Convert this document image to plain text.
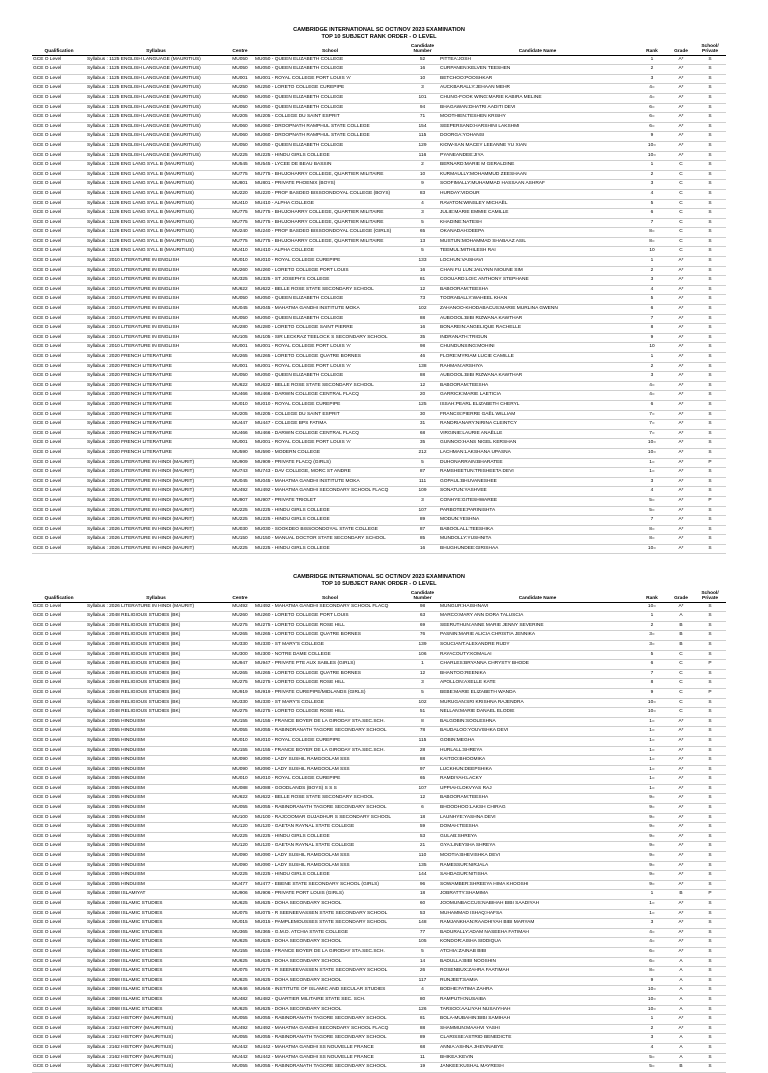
CAMBRIDGE INTERNATIONAL SC OCT/NOV 2023 EXAMINATION
TOP 10 SUBJECT RANK ORDER - O LEVEL
Qualification	Syllabus	Centre	School	Candidate Number	Candidate Name	Rank	Grade	School/ Private
GCE O Level	Syllabus : 1125 ENGLISH LANGUAGE (MAURITIUS)	MU050	MU050 - QUEEN ELIZABETH COLLEGE	52	PITTEA:JOSH	1	A*	S
GCE O Level	Syllabus : 1125 ENGLISH LANGUAGE (MAURITIUS)	MU050	MU050 - QUEEN ELIZABETH COLLEGE	16	CURPANEN:KELVEN TEESHEN	2	A*	S
GCE O Level	Syllabus : 1125 ENGLISH LANGUAGE (MAURITIUS)	MU001	MU001 - ROYAL COLLEGE PORT LOUIS 'A'	10	BETCHOO:POOSHKAR	3	A*	S
GCE O Level	Syllabus : 1125 ENGLISH LANGUAGE (MAURITIUS)	MU250	MU250 - LORETO COLLEGE CUREPIPE	3	AUCKBARALLY:JEHAAN MEHR	4=	A*	S
GCE O Level	Syllabus : 1125 ENGLISH LANGUAGE (MAURITIUS)	MU050	MU050 - QUEEN ELIZABETH COLLEGE	101	CHUNG-FOOK WING:MARIE KABIRA MELINE	4=	A*	S
GCE O Level	Syllabus : 1125 ENGLISH LANGUAGE (MAURITIUS)	MU050	MU050 - QUEEN ELIZABETH COLLEGE	94	BHAGAWAN:DHATRI AADITI DEVI	6=	A*	S
GCE O Level	Syllabus : 1125 ENGLISH LANGUAGE (MAURITIUS)	MU205	MU205 - COLLEGE DU SAINT ESPRIT	71	MOOTHIEN:TESHEN KRISHY	6=	A*	S
GCE O Level	Syllabus : 1125 ENGLISH LANGUAGE (MAURITIUS)	MU060	MU060 - DROOPNATH RAMPHUL STATE COLLEGE	154	SEEPERSAND:HARSHINI LAKSHMI	6=	A*	S
GCE O Level	Syllabus : 1125 ENGLISH LANGUAGE (MAURITIUS)	MU060	MU060 - DROOPNATH RAMPHUL STATE COLLEGE	115	DOORGA:YOHANSI	9	A*	S
GCE O Level	Syllabus : 1125 ENGLISH LANGUAGE (MAURITIUS)	MU050	MU050 - QUEEN ELIZABETH COLLEGE	129	KIOW-SAN MACEY LEEANNE YU XIAN	10=	A*	S
GCE O Level	Syllabus : 1125 ENGLISH LANGUAGE (MAURITIUS)	MU225	MU225 - HINDU GIRLS COLLEGE	116	PYANEANDEE:JIYA	10=	A*	S
GCE O Level	Syllabus : 1126 ENG LANG SYLL B (MAURITIUS)	MU545	MU545 - LYCEE DE BEAU BASSIN	2	BERNARD:MARIE M GERALDINE	1	C	S
GCE O Level	Syllabus : 1126 ENG LANG SYLL B (MAURITIUS)	MU775	MU775 - BHUJOHARRY COLLEGE, QUARTIER MILITAIRE	10	KURMAULLY:MOHAMMUD ZEESHAAN	2	C	S
GCE O Level	Syllabus : 1126 ENG LANG SYLL B (MAURITIUS)	MU801	MU801 - PRIVATE PHOENIX (BOYS)	9	SOOFIMALLY:MUHAMMAD HASSAAN ASHRAF	3	C	S
GCE O Level	Syllabus : 1126 ENG LANG SYLL B (MAURITIUS)	MU220	MU220 - PROF BASDEO BISSOONDOYAL COLLEGE (BOYS)	83	HURDAY:VIDOUR	4	C	S
GCE O Level	Syllabus : 1126 ENG LANG SYLL B (MAURITIUS)	MU410	MU410 - ALPHA COLLEGE	4	RAVATON:WINSLEY MICHAËL	5	C	S
GCE O Level	Syllabus : 1126 ENG LANG SYLL B (MAURITIUS)	MU775	MU775 - BHUJOHARRY COLLEGE, QUARTIER MILITAIRE	3	JULIE:MARIE EMMIE CAMILLE	6	C	S
GCE O Level	Syllabus : 1126 ENG LANG SYLL B (MAURITIUS)	MU775	MU775 - BHUJOHARRY COLLEGE, QUARTIER MILITAIRE	5	KHADINE:NATESH	7	C	S
GCE O Level	Syllabus : 1126 ENG LANG SYLL B (MAURITIUS)	MU240	MU240 - PROF BASDEO BISSOONDOYAL COLLEGE (GIRLS)	65	OKANADAH:DEEPA	8=	C	S
GCE O Level	Syllabus : 1126 ENG LANG SYLL B (MAURITIUS)	MU775	MU775 - BHUJOHARRY COLLEGE, QUARTIER MILITAIRE	13	MUSTUN:MOHAMMAD SHABAAZ ASIL	8=	C	S
GCE O Level	Syllabus : 1126 ENG LANG SYLL B (MAURITIUS)	MU410	MU410 - ALPHA COLLEGE	5	TEEMUL:MITHILESH RAI	10	C	S
GCE O Level	Syllabus : 2010 LITERATURE IN ENGLISH	MU010	MU010 - ROYAL COLLEGE CUREPIPE	133	LOCHUN:VAISHAVI	1	A*	S
GCE O Level	Syllabus : 2010 LITERATURE IN ENGLISH	MU260	MU260 - LORETO COLLEGE PORT LOUIS	16	CHAN FU LUN:JAILYNN NIOUNE SIM	2	A*	S
GCE O Level	Syllabus : 2010 LITERATURE IN ENGLISH	MU325	MU325 - ST JOSEPH'S COLLEGE	81	COOUARD:LOIC ANTHONY STEPHANE	3	A*	S
GCE O Level	Syllabus : 2010 LITERATURE IN ENGLISH	MU622	MU622 - BELLE ROSE STATE SECONDARY SCHOOL	12	BABOORAM:TEESHA	4	A*	S
GCE O Level	Syllabus : 2010 LITERATURE IN ENGLISH	MU050	MU050 - QUEEN ELIZABETH COLLEGE	73	TOORABALLY:WAHEEL KHAN	5	A*	S
GCE O Level	Syllabus : 2010 LITERATURE IN ENGLISH	MU045	MU045 - MAHATMA GANDHI INSTITUTE MOKA	102	ZAHANOO-KHODABACUS:MARIE MURLINA GWENN	6	A*	S
GCE O Level	Syllabus : 2010 LITERATURE IN ENGLISH	MU050	MU050 - QUEEN ELIZABETH COLLEGE	88	AUBOOOL:BIBI RIZWANA KAWTHAR	7	A*	S
GCE O Level	Syllabus : 2010 LITERATURE IN ENGLISH	MU280	MU280 - LORETO COLLEGE SAINT PIERRE	16	BONAREIN:ANGELIQUE RACHELLE	8	A*	S
GCE O Level	Syllabus : 2010 LITERATURE IN ENGLISH	MU105	MU105 - SIR LECKRAZ TEELOCK S SECONDARY SCHOOL	35	INDRANATH:TRIGUN	9	A*	S
GCE O Level	Syllabus : 2010 LITERATURE IN ENGLISH	MU001	MU001 - ROYAL COLLEGE PORT LOUIS 'A'	98	CHUNDUNSING:MOHINI	10	A*	S
GCE O Level	Syllabus : 2020 FRENCH LITERATURE	MU265	MU265 - LORETO COLLEGE QUATRE BORNES	46	FLORE:MYRIAM LUCIE CAMILLE	1	A*	S
GCE O Level	Syllabus : 2020 FRENCH LITERATURE	MU001	MU001 - ROYAL COLLEGE PORT LOUIS 'A'	138	RAHMAN:ARSHIYA	2	A*	S
GCE O Level	Syllabus : 2020 FRENCH LITERATURE	MU050	MU050 - QUEEN ELIZABETH COLLEGE	88	AUBOOOL:BIBI RIZWANA KAWTHAR	3	A*	S
GCE O Level	Syllabus : 2020 FRENCH LITERATURE	MU622	MU622 - BELLE ROSE STATE SECONDARY SCHOOL	12	BABOORAM:TEESHA	4=	A*	S
GCE O Level	Syllabus : 2020 FRENCH LITERATURE	MU466	MU466 - DARWIN COLLEGE CENTRAL FLACQ	20	GARRICK:MARIE LAETICIA	4=	A*	S
GCE O Level	Syllabus : 2020 FRENCH LITERATURE	MU010	MU010 - ROYAL COLLEGE CUREPIPE	125	ISSAH:PEARL ELIZABETH CHERYL	6	A*	S
GCE O Level	Syllabus : 2020 FRENCH LITERATURE	MU205	MU205 - COLLEGE DU SAINT ESPRIT	30	FRANCIS:PIERRE GAËL WILLIAM	7=	A*	S
GCE O Level	Syllabus : 2020 FRENCH LITERATURE	MU447	MU447 - COLLEGE BPS FATIMA	31	RANDRIANARY:NIRINA CLEINTCY	7=	A*	S
GCE O Level	Syllabus : 2020 FRENCH LITERATURE	MU466	MU466 - DARWIN COLLEGE CENTRAL FLACQ	68	VIRGINIE:LAURIE ANAËLLE	7=	A*	S
GCE O Level	Syllabus : 2020 FRENCH LITERATURE	MU001	MU001 - ROYAL COLLEGE PORT LOUIS 'A'	35	GUNNOO:HANS NIGEL KERSHAN	10=	A*	S
GCE O Level	Syllabus : 2020 FRENCH LITERATURE	MU590	MU590 - MODERN COLLEGE	212	LACHMAN:LAKSHANA UPASNA	10=	A*	S
GCE O Level	Syllabus : 2026 LITERATURE IN HINDI (MAURIT)	MU909	MU909 - PRIVATE FLACQ (GIRLS)	5	DUHONARRAIN:BHARATEE	1=	A*	P
GCE O Level	Syllabus : 2026 LITERATURE IN HINDI (MAURIT)	MU743	MU743 - DAV COLLEGE, MORC ST ANDRE	87	RAMSHEETUN:TRISHEETA DEVI	1=	A*	S
GCE O Level	Syllabus : 2026 LITERATURE IN HINDI (MAURIT)	MU045	MU045 - MAHATMA GANDHI INSTITUTE MOKA	111	GOPAUL:BHUVANESHEE	3	A*	S
GCE O Level	Syllabus : 2026 LITERATURE IN HINDI (MAURIT)	MU492	MU492 - MAHATMA GANDHI SECONDARY SCHOOL FLACQ	109	SONATUN:YASHVEE	4	A*	S
GCE O Level	Syllabus : 2026 LITERATURE IN HINDI (MAURIT)	MU907	MU907 - PRIVATE TRIOLET	3	CONHYE:GITESHWAREE	5=	A*	P
GCE O Level	Syllabus : 2026 LITERATURE IN HINDI (MAURIT)	MU225	MU225 - HINDU GIRLS COLLEGE	107	PARBOTEE:PARINISHTA	5=	A*	S
GCE O Level	Syllabus : 2026 LITERATURE IN HINDI (MAURIT)	MU225	MU225 - HINDU GIRLS COLLEGE	89	MODUN:YESHNA	7	A*	S
GCE O Level	Syllabus : 2026 LITERATURE IN HINDI (MAURIT)	MU030	MU030 - SOOKDEO BISSOONDOYAL STATE COLLEGE	87	BABOOLALL:TEESHIKA	8=	A*	S
GCE O Level	Syllabus : 2026 LITERATURE IN HINDI (MAURIT)	MU150	MU150 - MANUAL DOCTOR STATE SECONDARY SCHOOL	85	MUNDOLLY:YUSHNITA	8=	A*	S
GCE O Level	Syllabus : 2026 LITERATURE IN HINDI (MAURIT)	MU225	MU225 - HINDU GIRLS COLLEGE	16	BHUGHUNDEE:GIRISHAA	10=	A*	S
CAMBRIDGE INTERNATIONAL SC OCT/NOV 2023 EXAMINATION
TOP 10 SUBJECT RANK ORDER - O LEVEL
Qualification	Syllabus	Centre	School	Candidate Number	Candidate Name	Rank	Grade	School/ Private
GCE O Level	Syllabus : 2026 LITERATURE IN HINDI (MAURIT)	MU492	MU492 - MAHATMA GANDHI SECONDARY SCHOOL FLACQ	98	MUNGUR:HAISHNAVI	10=	A*	S
GCE O Level	Syllabus : 2048 RELIGIOUS STUDIES (BK)	MU260	MU260 - LORETO COLLEGE PORT LOUIS	63	MARCO:MARY ANN DORA TALUSCIA	1	A	S
GCE O Level	Syllabus : 2048 RELIGIOUS STUDIES (BK)	MU275	MU275 - LORETO COLLEGE ROSE HILL	69	SEERUTHUN:ANNE MARIE JENNY SEVERINE	2	B	S
GCE O Level	Syllabus : 2048 RELIGIOUS STUDIES (BK)	MU265	MU265 - LORETO COLLEGE QUATRE BORNES	76	PASNIN:MARIE ALICIA CHRISTIA JENNIKA	3=	B	S
GCE O Level	Syllabus : 2048 RELIGIOUS STUDIES (BK)	MU330	MU330 - ST MARY'S COLLEGE	139	SOUCIANT:ALEXANDRE RUDY	3=	B	S
GCE O Level	Syllabus : 2048 RELIGIOUS STUDIES (BK)	MU300	MU300 - NOTRE DAME COLLEGE	106	RAYACOUTY:KOMALAI	5	C	S
GCE O Level	Syllabus : 2048 RELIGIOUS STUDIES (BK)	MU947	MU947 - PRIVATE PTE AUX SABLES (GIRLS)	1	CHARLES:BRYANNA CHRYSTY BHODE	6	C	P
GCE O Level	Syllabus : 2048 RELIGIOUS STUDIES (BK)	MU265	MU265 - LORETO COLLEGE QUATRE BORNES	12	BHANTOO:REENIKA	7	C	S
GCE O Level	Syllabus : 2048 RELIGIOUS STUDIES (BK)	MU275	MU275 - LORETO COLLEGE ROSE HILL	3	APOLLON:AXELLE KATE	8	C	S
GCE O Level	Syllabus : 2048 RELIGIOUS STUDIES (BK)	MU919	MU919 - PRIVATE CUREPIPE/MIDLANDS (GIRLS)	5	BEBE:MARIE ELIZABETH WANDA	9	C	P
GCE O Level	Syllabus : 2048 RELIGIOUS STUDIES (BK)	MU330	MU330 - ST MARY'S COLLEGE	102	MURUGAN:SRI KRISHNA RAJENDRA	10=	C	S
GCE O Level	Syllabus : 2048 RELIGIOUS STUDIES (BK)	MU275	MU275 - LORETO COLLEGE ROSE HILL	51	NELLAN:MARIE DANAEL ELODIE	10=	C	S
GCE O Level	Syllabus : 2055 HINDUISM	MU155	MU155 - FRANCE BOYER DE LA GIRODAY STA.SEC.SCH.	8	BALGOBIN:SOOLESHNA	1=	A*	S
GCE O Level	Syllabus : 2055 HINDUISM	MU055	MU055 - RABINDRANATH TAGORE SECONDARY SCHOOL	78	BAUDALOO:YOUVISHKA DEVI	1=	A*	S
GCE O Level	Syllabus : 2055 HINDUISM	MU010	MU010 - ROYAL COLLEGE CUREPIPE	115	GOBIN:MEGHA	1=	A*	S
GCE O Level	Syllabus : 2055 HINDUISM	MU155	MU155 - FRANCE BOYER DE LA GIRODAY STA.SEC.SCH.	28	HURLALL:SHREYA	1=	A*	S
GCE O Level	Syllabus : 2055 HINDUISM	MU090	MU090 - LADY SUSHIL RAMGOOLAM SSS	88	KAITOO:BHOOMIKA	1=	A*	S
GCE O Level	Syllabus : 2055 HINDUISM	MU090	MU090 - LADY SUSHIL RAMGOOLAM SSS	97	LUCKHUN:DEEPSHIKA	1=	A*	S
GCE O Level	Syllabus : 2055 HINDUISM	MU010	MU010 - ROYAL COLLEGE CUREPIPE	65	RAMDIYAH:LACKY	1=	A*	S
GCE O Level	Syllabus : 2055 HINDUISM	MU088	MU088 - GOODLANDS (BOYS) S S S	107	UPPIAH:LOKVYAS RAJ	1=	A*	S
GCE O Level	Syllabus : 2055 HINDUISM	MU622	MU622 - BELLE ROSE STATE SECONDARY SCHOOL	12	BABOORAM:TEESHA	9=	A*	S
GCE O Level	Syllabus : 2055 HINDUISM	MU055	MU055 - RABINDRANATH TAGORE SECONDARY SCHOOL	6	BHOODHOO:LAKSH CHIRAG	9=	A*	S
GCE O Level	Syllabus : 2055 HINDUISM	MU100	MU100 - RAJCOOMAR GUJADHUR S SECONDARY SCHOOL	18	LAUNHYE:YASHNA DEVI	9=	A*	S
GCE O Level	Syllabus : 2055 HINDUISM	MU120	MU120 - GAETAN RAYNAL STATE COLLEGE	59	DOMAH:TEESHA	9=	A*	S
GCE O Level	Syllabus : 2055 HINDUISM	MU225	MU225 - HINDU GIRLS COLLEGE	53	GULAB:SHREYA	9=	A*	S
GCE O Level	Syllabus : 2055 HINDUISM	MU120	MU120 - GAETAN RAYNAL STATE COLLEGE	21	GYA:LINEYSHA SHREYA	9=	A*	S
GCE O Level	Syllabus : 2055 HINDUISM	MU090	MU090 - LADY SUSHIL RAMGOOLAM SSS	110	MOOTIA:BHEVISHKA DEVI	9=	A*	S
GCE O Level	Syllabus : 2055 HINDUISM	MU090	MU090 - LADY SUSHIL RAMGOOLAM SSS	135	RAMESSUR:NIRJALA	9=	A*	S
GCE O Level	Syllabus : 2055 HINDUISM	MU225	MU225 - HINDU GIRLS COLLEGE	144	SAHDAGUR:NITISHA	9=	A*	S
GCE O Level	Syllabus : 2055 HINDUISM	MU477	MU477 - EBENE STATE SECONDARY SCHOOL (GIRLS)	96	SOWAMBER:SHREEYA HIMA KHOOSHI	9=	A*	S
GCE O Level	Syllabus : 2058 ISLAMIYAT	MU906	MU906 - PRIVATE PORT LOUIS (GIRLS)	18	JOBRATTY:SHAMIMA	1	B	P
GCE O Level	Syllabus : 2068 ISLAMIC STUDIES	MU625	MU625 - DOHA SECONDARY SCHOOL	60	JOOMUNBACCUS:NABIHAH BIBI SAADIYAH	1=	A*	S
GCE O Level	Syllabus : 2068 ISLAMIC STUDIES	MU075	MU075 - R SEENEEVASSEN STATE SECONDARY SCHOOL	53	MUHAMMAD ISHAQ:HAFSA	1=	A*	S
GCE O Level	Syllabus : 2068 ISLAMIC STUDIES	MU015	MU015 - PAMPLEMOUSSES STATE SECONDARY SCHOOL	148	RAMJANKHAN:RAADHIYAH BIBI MARYAM	3	A*	S
GCE O Level	Syllabus : 2068 ISLAMIC STUDIES	MU365	MU365 - G.M.D. ATCHIA STATE COLLEGE	77	BADURALLY:ADAM NASEEHA FATIMAH	4=	A*	S
GCE O Level	Syllabus : 2068 ISLAMIC STUDIES	MU625	MU625 - DOHA SECONDARY SCHOOL	105	KONDOR:AISHA SIDDIQUA	4=	A*	S
GCE O Level	Syllabus : 2068 ISLAMIC STUDIES	MU155	MU155 - FRANCE BOYER DE LA GIRODAY STA.SEC.SCH.	5	ATCHIA:ZAINAB BIBI	6=	A*	S
GCE O Level	Syllabus : 2068 ISLAMIC STUDIES	MU625	MU625 - DOHA SECONDARY SCHOOL	14	BADULLA:BIBI NOOSHIN	6=	A	S
GCE O Level	Syllabus : 2068 ISLAMIC STUDIES	MU075	MU075 - R SEENEEVASSEN STATE SECONDARY SCHOOL	26	ROSENBUX:ZAHRA FAATIMAH	8=	A	S
GCE O Level	Syllabus : 2068 ISLAMIC STUDIES	MU625	MU625 - DOHA SECONDARY SCHOOL	117	RUNJEET:SAMIA	9	A	S
GCE O Level	Syllabus : 2068 ISLAMIC STUDIES	MU646	MU646 - INSTITUTE OF ISLAMIC AND SECULAR STUDIES	4	BODHE:FATIMA ZAHRA	10=	A	S
GCE O Level	Syllabus : 2068 ISLAMIC STUDIES	MU482	MU482 - QUARTIER MILITAIRE STATE SEC. SCH.	80	RAMPUTH:NUSAIBA	10=	A	S
GCE O Level	Syllabus : 2068 ISLAMIC STUDIES	MU625	MU625 - DOHA SECONDARY SCHOOL	126	TARSOO:AALIYAH NUSAIYHAH	10=	A	S
GCE O Level	Syllabus : 2162 HISTORY (MAURITIUS)	MU055	MU055 - RABINDRANATH TAGORE SECONDARY SCHOOL	81	BOLA-MUBAHIN:BIBI SAMIHAH	1	A*	S
GCE O Level	Syllabus : 2162 HISTORY (MAURITIUS)	MU492	MU492 - MAHATMA GANDHI SECONDARY SCHOOL FLACQ	88	SHAMMUN:MAAHVI YASHI	2	A*	S
GCE O Level	Syllabus : 2162 HISTORY (MAURITIUS)	MU055	MU055 - RABINDRANATH TAGORE SECONDARY SCHOOL	89	CLARISSE:ASTRID BENEDICTE	3	A	S
GCE O Level	Syllabus : 2162 HISTORY (MAURITIUS)	MU442	MU442 - MAHATMA GANDHI SS NOUVELLE FRANCE	68	ANNIA:ASHNA JHEVINABYE	4	A	S
GCE O Level	Syllabus : 2162 HISTORY (MAURITIUS)	MU442	MU442 - MAHATMA GANDHI SS NOUVELLE FRANCE	11	BHIKEA:KEVIN	5=	A	S
GCE O Level	Syllabus : 2162 HISTORY (MAURITIUS)	MU055	MU055 - RABINDRANATH TAGORE SECONDARY SCHOOL	19	JANKEE:KUSHAL MAYRESH	5=	B	S
